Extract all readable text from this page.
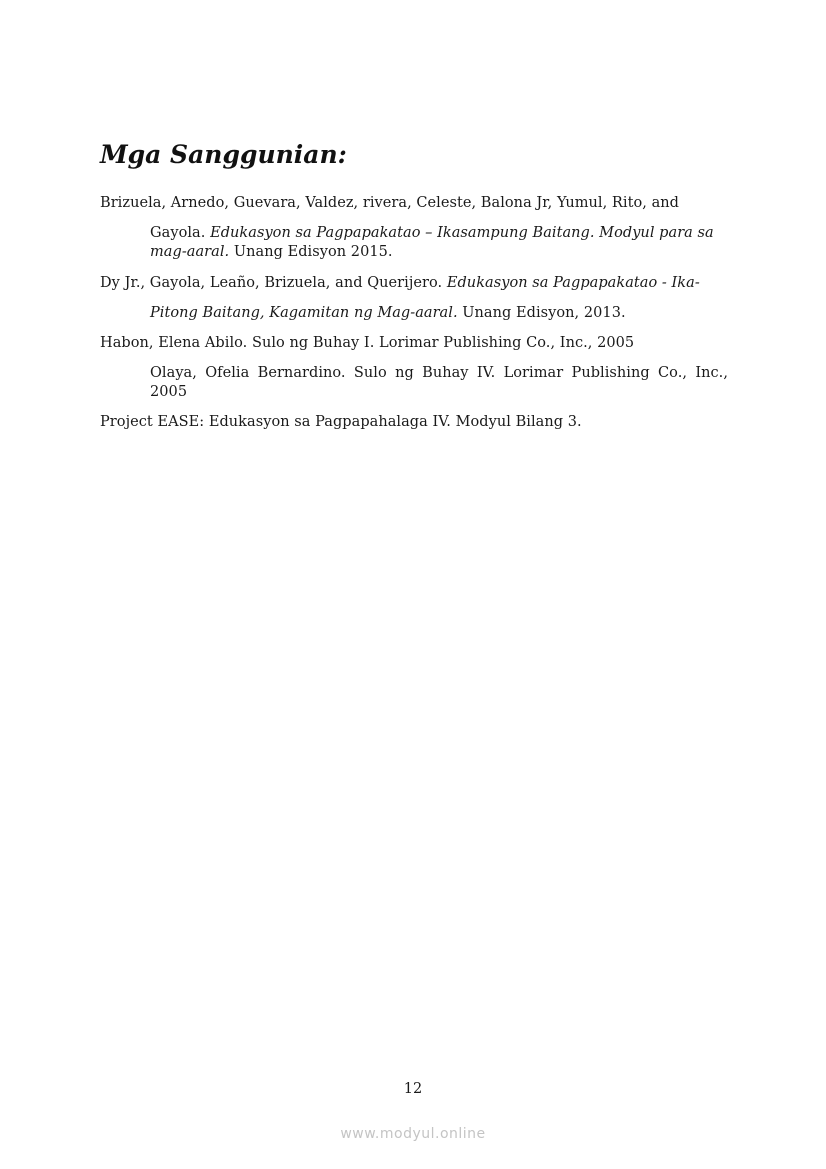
Mga Sanggunian:
Brizuela, Arnedo, Guevara, Valdez, rivera, Celeste, Balona Jr, Yumul, Rito, and
Gayola. Edukasyon sa Pagpapakatao – Ikasampung Baitang. Modyul para sa mag-aaral. Unang Edisyon 2015.
Dy Jr., Gayola, Leaño, Brizuela, and Querijero. Edukasyon sa Pagpapakatao - Ika-
Pitong Baitang, Kagamitan ng Mag-aaral. Unang Edisyon, 2013.
Habon, Elena Abilo. Sulo ng Buhay I. Lorimar Publishing Co., Inc., 2005
Olaya, Ofelia Bernardino. Sulo ng Buhay IV. Lorimar Publishing Co., Inc., 2005
Project EASE: Edukasyon sa Pagpapahalaga IV. Modyul Bilang 3.
12
www.modyul.online
